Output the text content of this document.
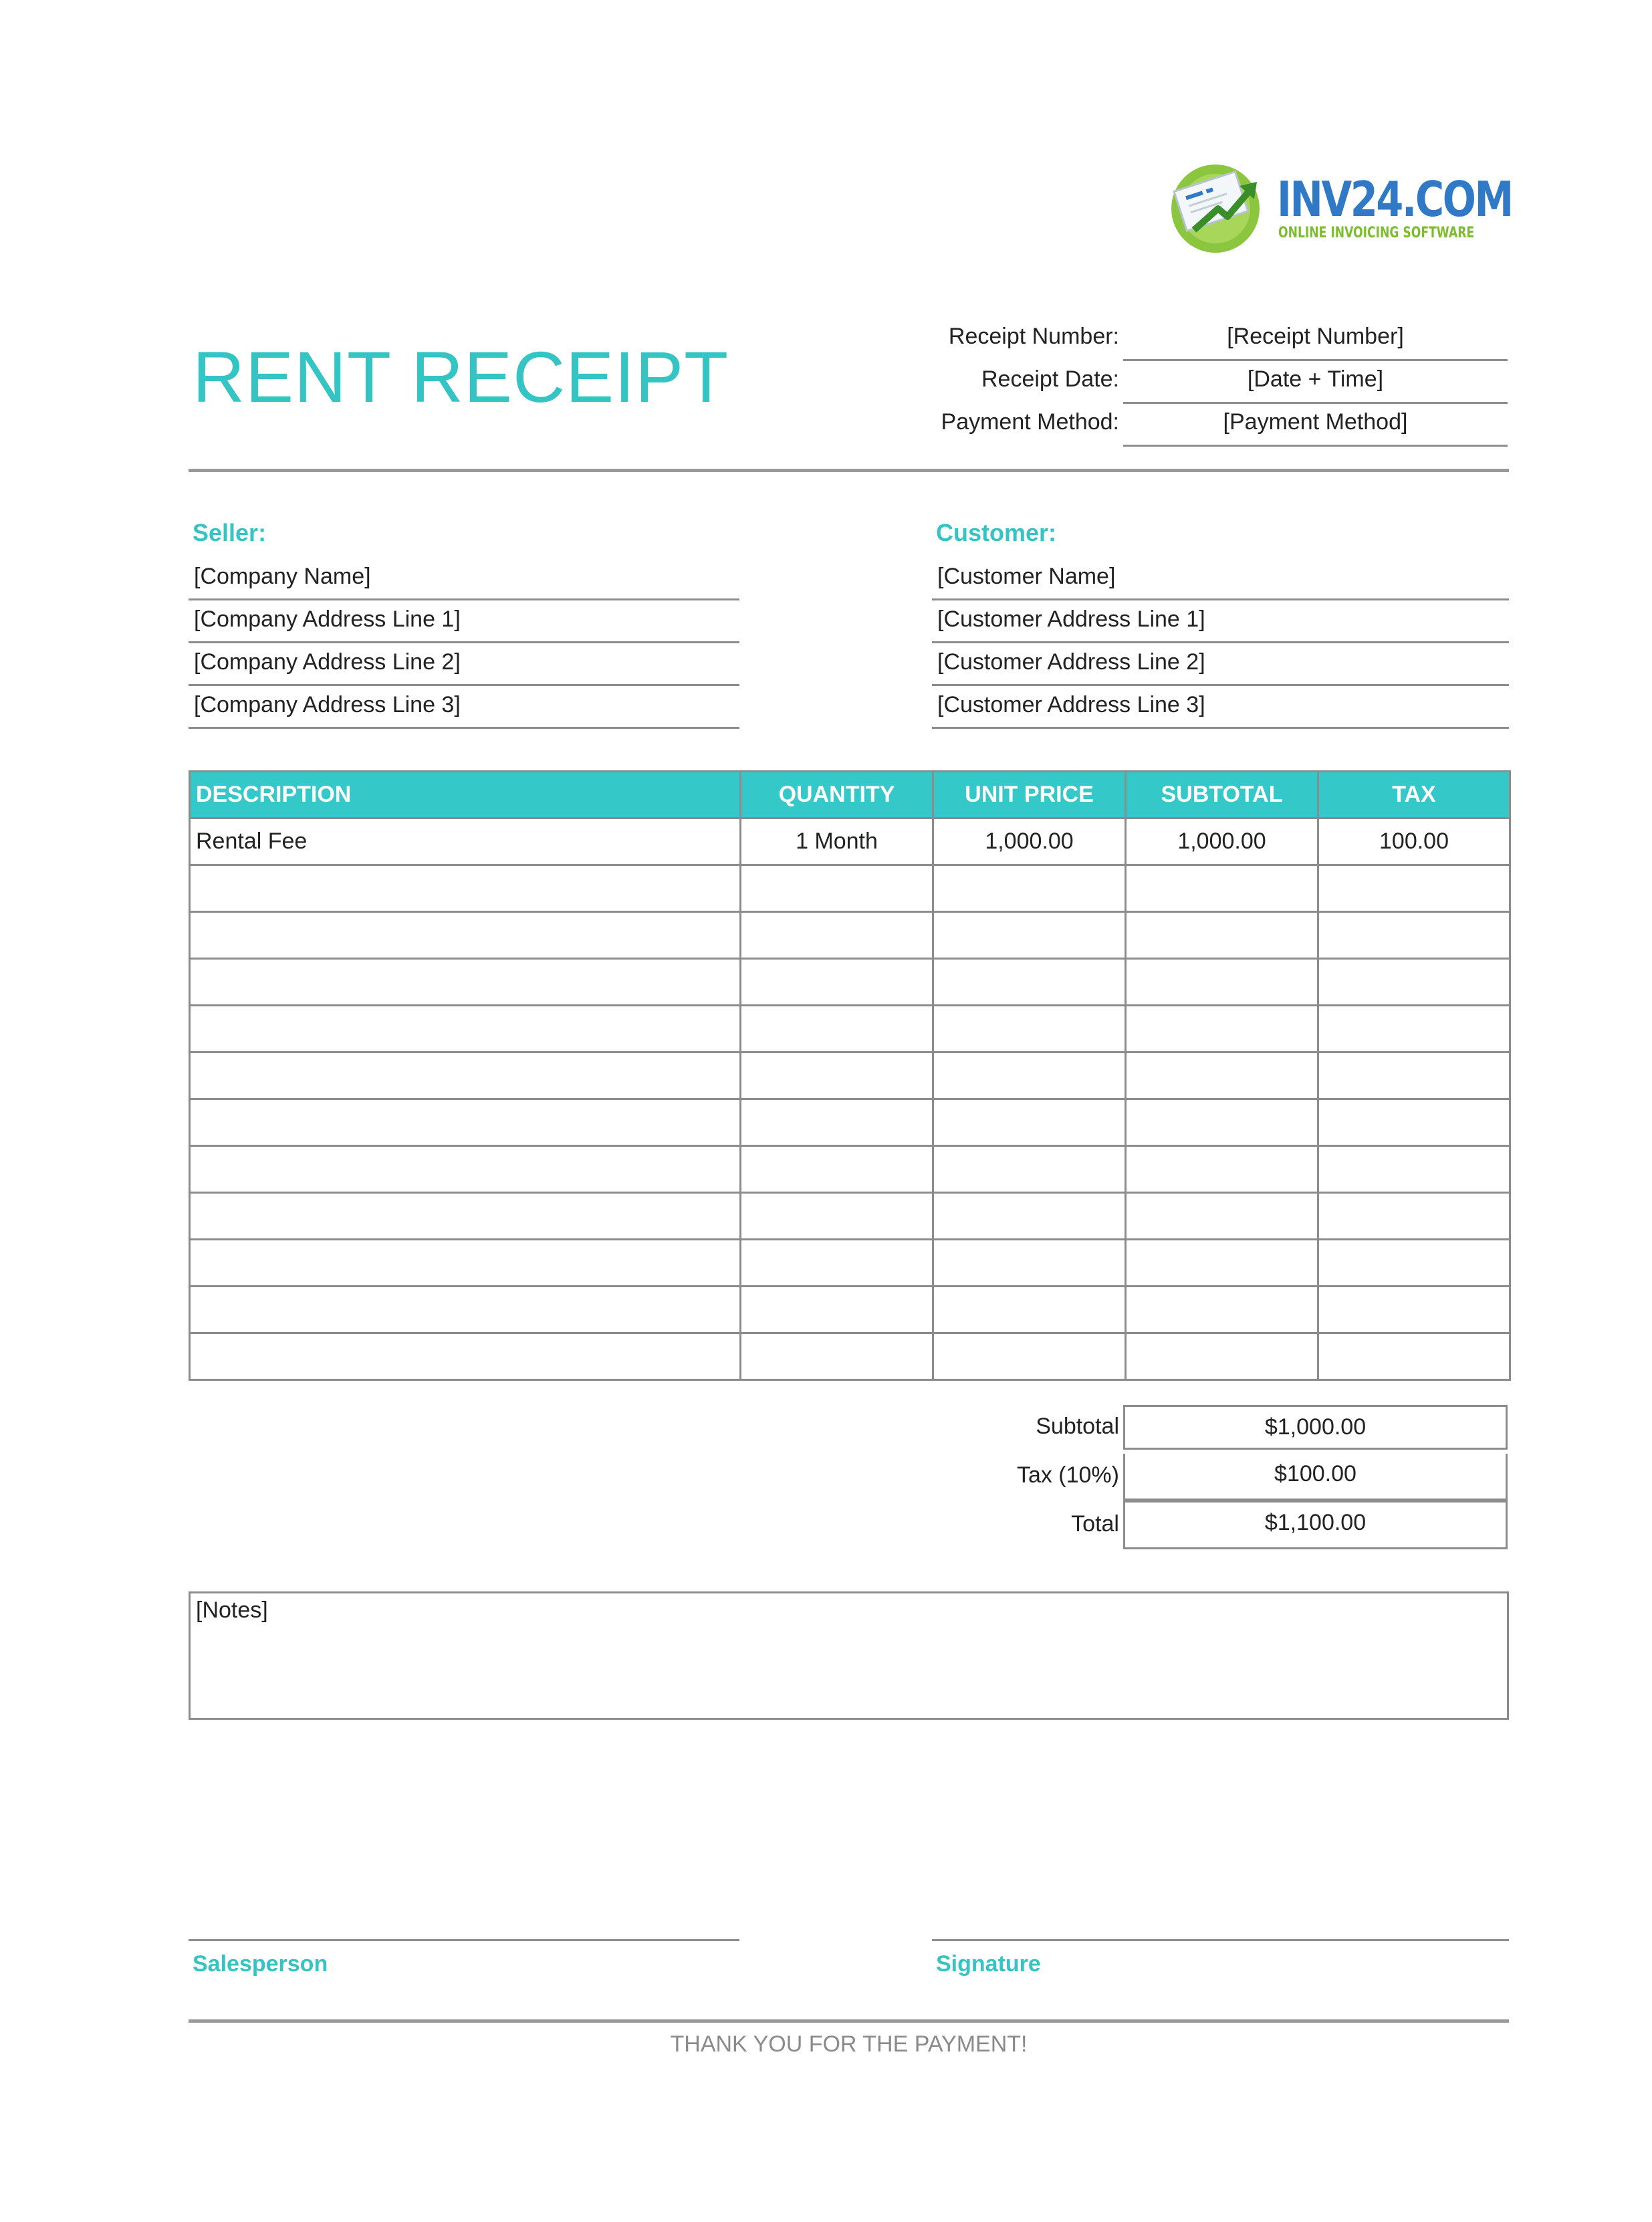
INV24.COM
ONLINE INVOICING SOFTWARE
RENT RECEIPT	Receipt Number:	[Receipt Number]
Receipt Date:	[Date + Time]
Payment Method:	[Payment Method]
Seller:
[Company Name]
[Company Address Line 1]
[Company Address Line 2]
[Company Address Line 3]
Customer:
[Customer Name]
[Customer Address Line 1]
[Customer Address Line 2]
[Customer Address Line 3]
DESCRIPTION	QUANTITY	UNIT PRICE	SUBTOTAL	TAX
Rental Fee	1 Month	1,000.00	1,000.00	100.00

Subtotal	$1,000.00
Tax (10%)	$100.00
Total	$1,100.00
[Notes]
Salesperson	Signature
THANK YOU FOR THE PAYMENT!
